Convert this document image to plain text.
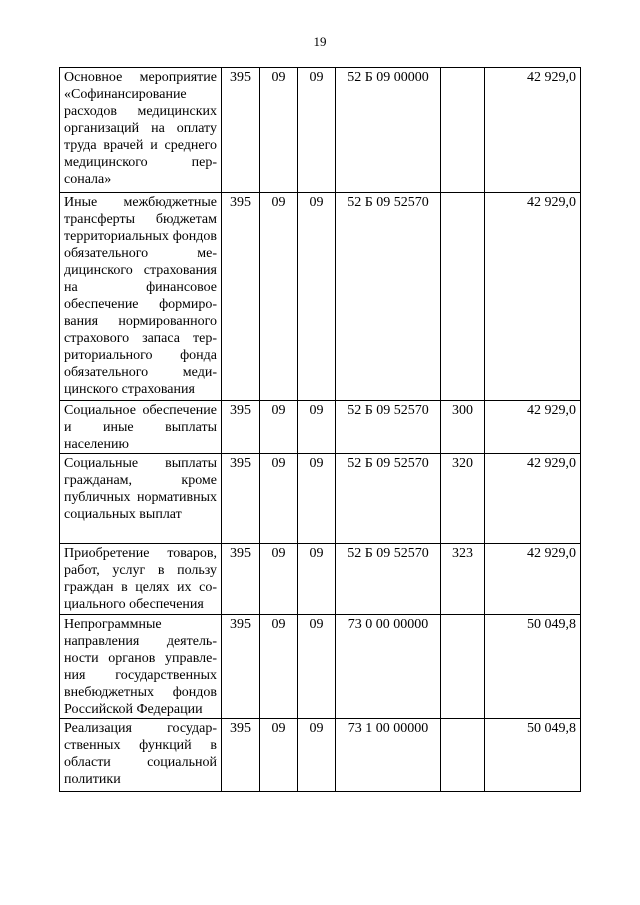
19
Основное мероприятие «Софинансирование расходов медицинских организаций на оплату труда врачей и среднего медицинского персонала»	395	09	09	52 Б 09 00000		42 929,0

Иные межбюджетные трансферты бюджетам территориальных фондов обязательного медицинского страхования на финансовое обеспечение формирования нормированного страхового запаса территориального фонда обязательного медицинского страхования	395	09	09	52 Б 09 52570		42 929,0

Социальное обеспечение и иные выплаты населению	395	09	09	52 Б 09 52570	300	42 929,0

Социальные выплаты гражданам, кроме публичных нормативных социальных выплат	395	09	09	52 Б 09 52570	320	42 929,0

Приобретение товаров, работ, услуг в пользу граждан в целях их социального обеспечения	395	09	09	52 Б 09 52570	323	42 929,0

Непрограммные направления деятельности органов управления государственных внебюджетных фондов Российской Федерации	395	09	09	73 0 00 00000		50 049,8

Реализация государственных функций в области социальной политики	395	09	09	73 1 00 00000		50 049,8
